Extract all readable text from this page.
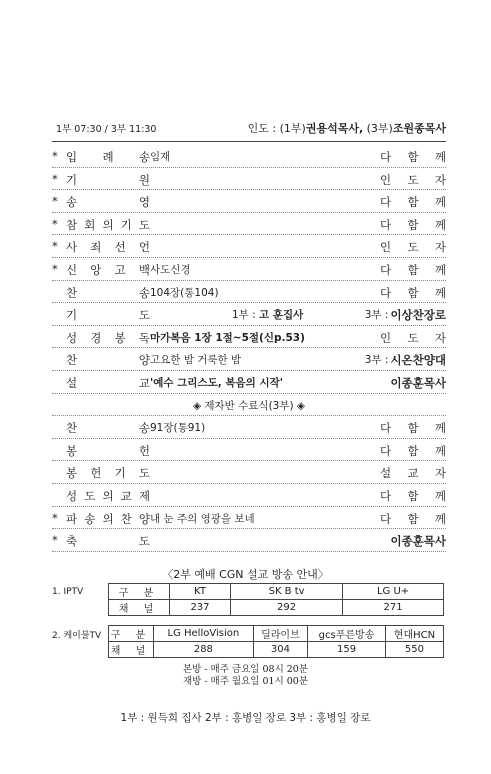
1부 07:30 / 3부 11:30	인도 : (1부)권용석목사, (3부)조원종목사
* 입 례 송 임재	다 함 께
* 기	원	인 도 자
* 송	영	다 함 께
* 참 회 의 기 도	다 함 께
* 사 죄 선 언	인 도 자
* 신 앙 고 백 사도신경	다 함 께
찬	송 104장(통104)	다 함 께
기	도	1부 : 고 훈집사	3부 : 이상찬장로
성 경 봉 독 마가복음 1장 1절~5절(신p.53)	인 도 자
찬	양 고요한 밤 거룩한 밤	3부 : 시온찬양대
설	교 '예수 그리스도, 복음의 시작'	이종훈목사
◈ 제자반 수료식(3부) ◈
찬	송 91장(통91)	다 함 께
봉	헌	다 함 께
봉 헌 기 도	설 교 자
성 도 의 교 제	다 함 께
* 파 송 의 찬 양 내 눈 주의 영광을 보네	다 함 께
* 축	도	이종훈목사
〈2부 예배 CGN 설교 방송 안내〉
1. IPTV	구 분	KT	SK B tv	LG U+
채 널	237	292	271
2. 케이블TV 구 분	LG HelloVision	딜라이브	gcs푸른방송	현대HCN
채 널	288	304	159	550
본방 - 매주 금요일 08시 20분
재방 - 매주 월요일 01시 00분
1부 : 원득희 집사 2부 : 홍병일 장로 3부 : 홍병일 장로
